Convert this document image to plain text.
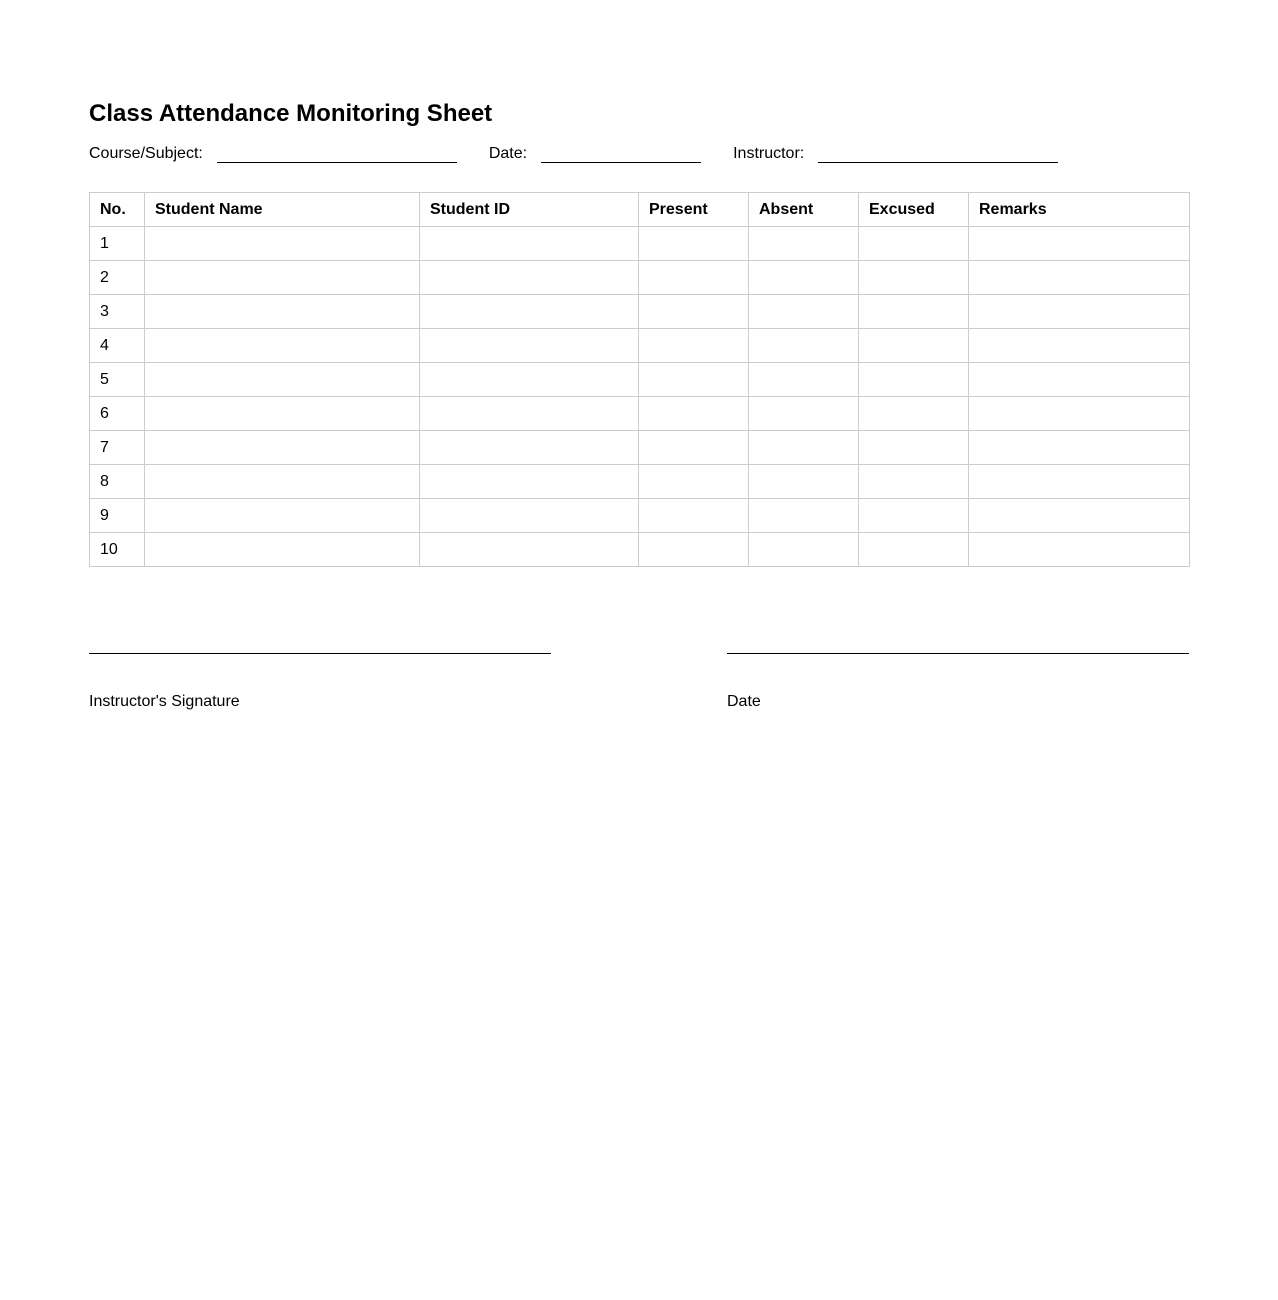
Class Attendance Monitoring Sheet
Course/Subject:	Date:	Instructor:
No.	Student Name	Student ID	Present	Absent	Excused	Remarks
1						
2						
3						
4						
5						
6						
7						
8						
9						
10						
Instructor's Signature	Date
